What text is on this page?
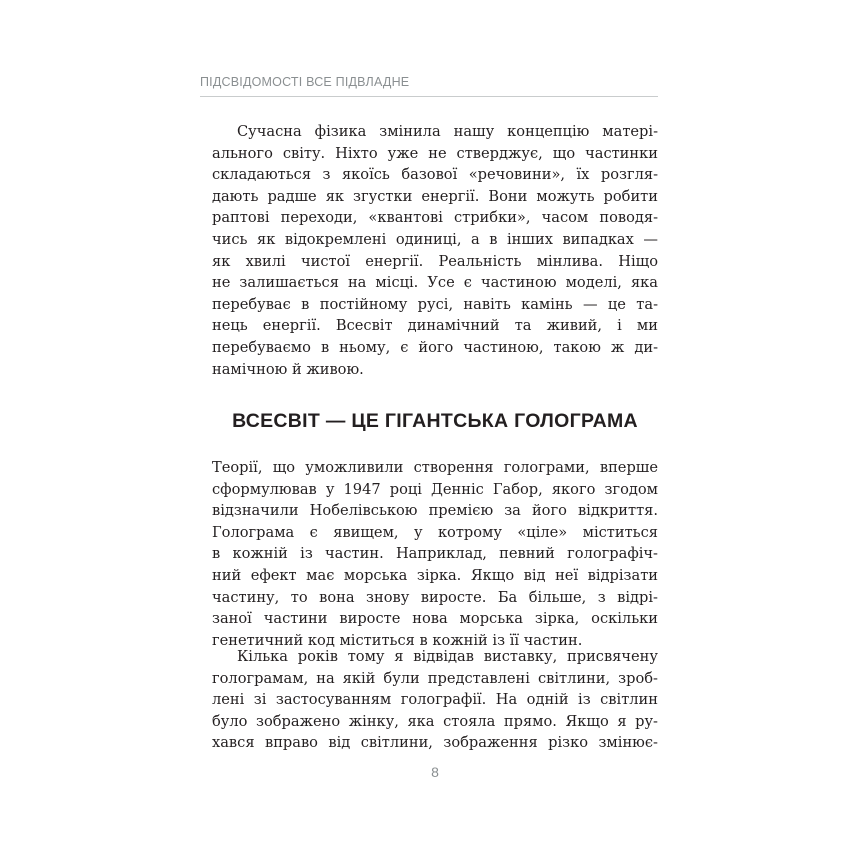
ПІДСВІДОМОСТІ ВСЕ ПІДВЛАДНЕ
Сучасна фізика змінила нашу концепцію матері-
ального світу. Ніхто уже не стверджує, що частинки
складаються з якоїсь базової «речовини», їх розгля-
дають радше як згустки енергії. Вони можуть робити
раптові переходи, «квантові стрибки», часом поводя-
чись як відокремлені одиниці, а в інших випадках —
як хвилі чистої енергії. Реальність мінлива. Ніщо
не залишається на місці. Усе є частиною моделі, яка
перебуває в постійному русі, навіть камінь — це та-
нець енергії. Всесвіт динамічний та живий, і ми
перебуваємо в ньому, є його частиною, такою ж ди-
намічною й живою.
ВСЕСВІТ — ЦЕ ГІГАНТСЬКА ГОЛОГРАМА
Теорії, що уможливили створення голограми, вперше
сформулював у 1947 році Денніс Габор, якого згодом
відзначили Нобелівською премією за його відкриття.
Голограма є явищем, у котрому «ціле» міститься
в кожній із частин. Наприклад, певний голографіч-
ний ефект має морська зірка. Якщо від неї відрізати
частину, то вона знову виросте. Ба більше, з відрі-
заної частини виросте нова морська зірка, оскільки
генетичний код міститься в кожній із її частин.
Кілька років тому я відвідав виставку, присвячену
голограмам, на якій були представлені світлини, зроб-
лені зі застосуванням голографії. На одній із світлин
було зображено жінку, яка стояла прямо. Якщо я ру-
хався вправо від світлини, зображення різко змінює-
8
